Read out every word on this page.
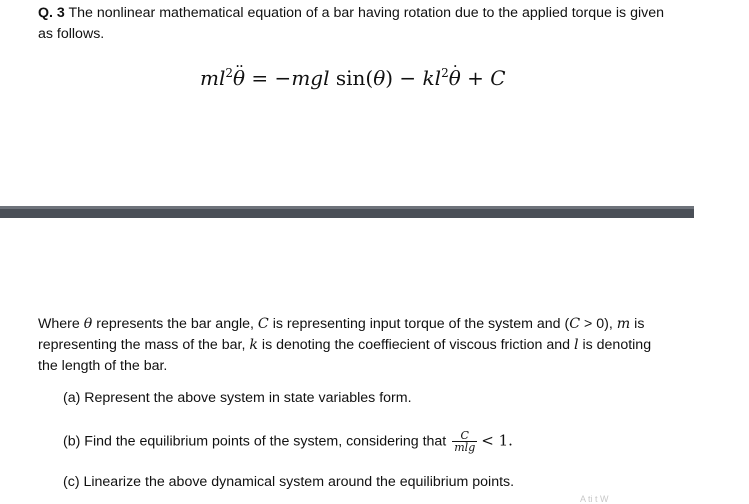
Q. 3 The nonlinear mathematical equation of a bar having rotation due to the applied torque is given as follows.
$ml^2\cdot\cdot \theta = -mgl$ $\sin(\theta) - kl^2\cdot \theta + C$
Where θ represents the bar angle, C is representing input torque of the system and (C > 0), m is representing the mass of the bar, k is denoting the coeffiecient of viscous friction and l is denoting the length of the bar.
(a) Represent the above system in state variables form.
(b) Find the equilibrium points of the system, considering that $\frac{C}{mlg} < 1$.
(c) Linearize the above dynamical system around the equilibrium points.
A ti t W
